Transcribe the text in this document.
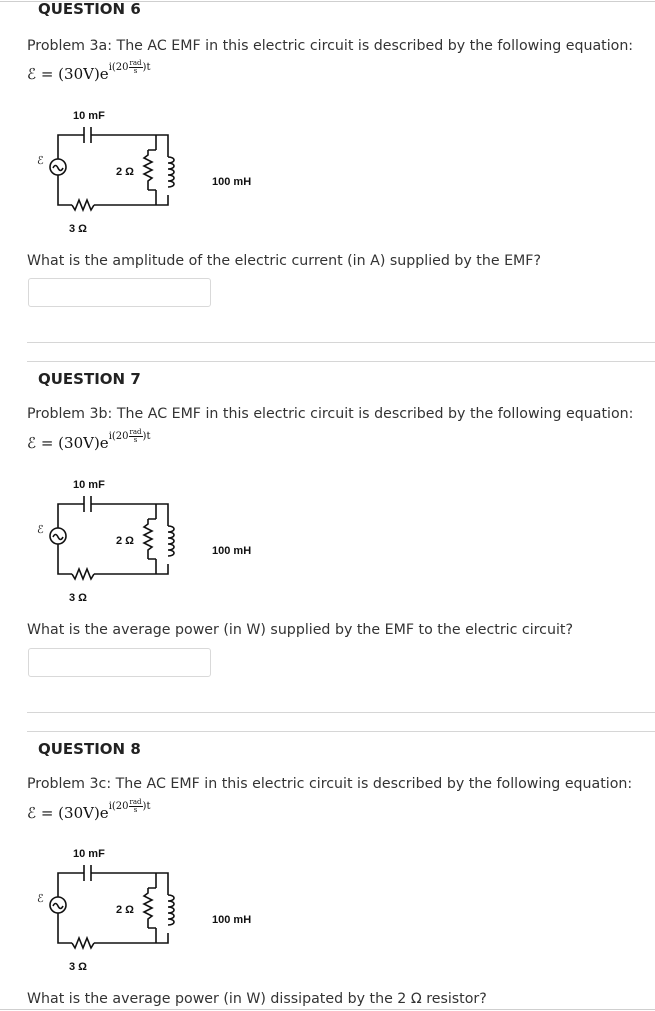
QUESTION 6
Problem 3a: The AC EMF in this electric circuit is described by the following equation:
ℰ = $(30V)e^{i(20 \frac{\text{rad}}{s} )t}$
10 mF
2 Ω
100 mH
3 Ω
ℰ
What is the amplitude of the electric current (in A) supplied by the EMF?
QUESTION 7
Problem 3b: The AC EMF in this electric circuit is described by the following equation:
ℰ = $(30V)e^{i(20 \frac{\text{rad}}{s} )t}$
10 mF
2 Ω
100 mH
3 Ω
ℰ
What is the average power (in W) supplied by the EMF to the electric circuit?
QUESTION 8
Problem 3c: The AC EMF in this electric circuit is described by the following equation:
ℰ = $(30V)e^{i(20 \frac{\text{rad}}{s} )t}$
10 mF
2 Ω
100 mH
3 Ω
ℰ
What is the average power (in W) dissipated by the 2 Ω resistor?
